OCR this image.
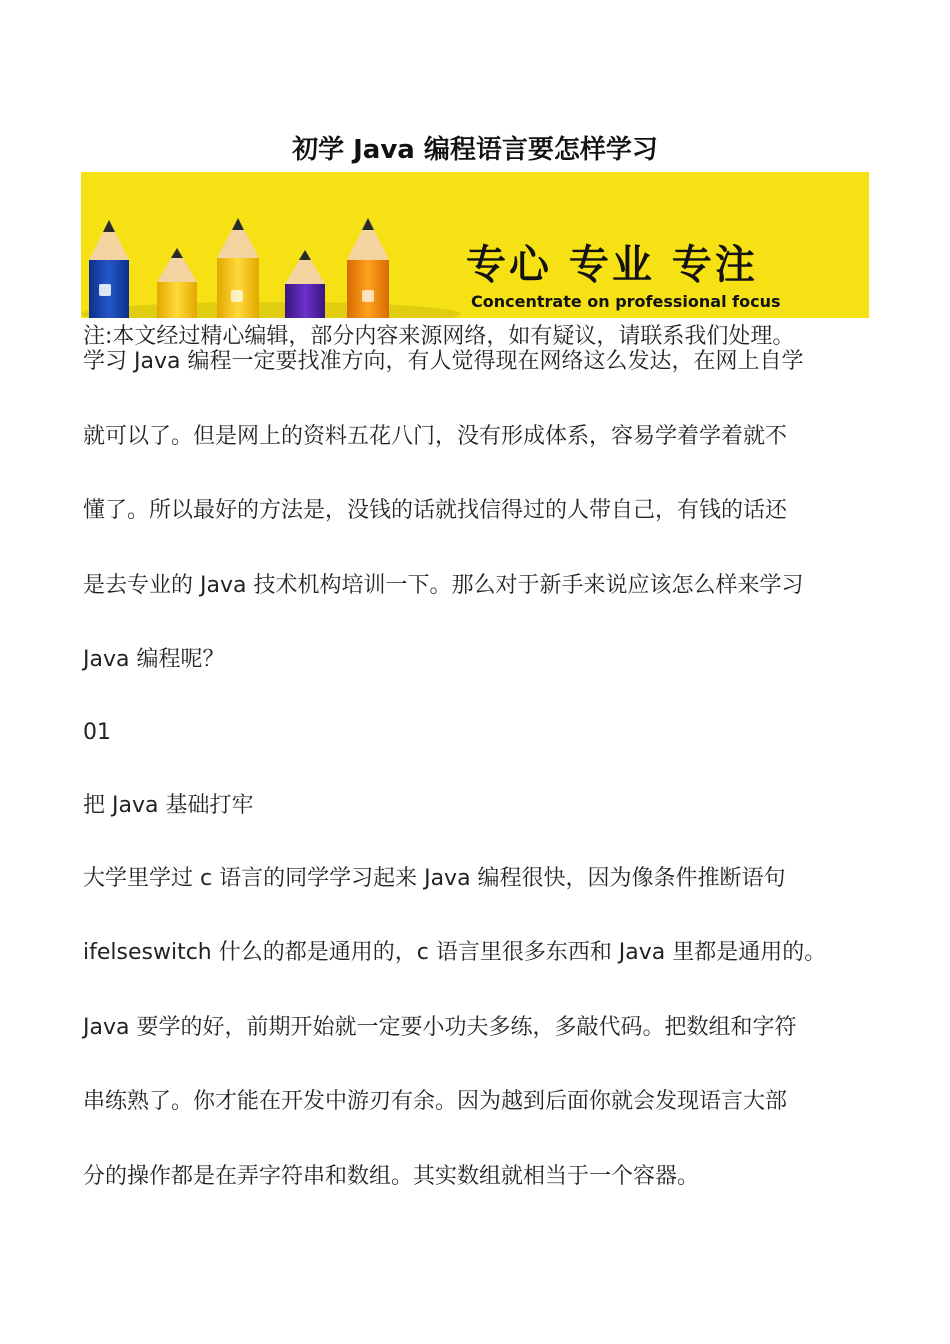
初学 Java 编程语言要怎样学习
专心 专业 专注
Concentrate on professional focus
注:本文经过精心编辑，部分内容来源网络，如有疑议，请联系我们处理。
学习 Java 编程一定要找准方向，有人觉得现在网络这么发达，在网上自学
就可以了。但是网上的资料五花八门，没有形成体系，容易学着学着就不
懂了。所以最好的方法是，没钱的话就找信得过的人带自己，有钱的话还
是去专业的 Java 技术机构培训一下。那么对于新手来说应该怎么样来学习
Java 编程呢？
01
把 Java 基础打牢
大学里学过 c 语言的同学学习起来 Java 编程很快，因为像条件推断语句
ifelseswitch 什么的都是通用的，c 语言里很多东西和 Java 里都是通用的。
Java 要学的好，前期开始就一定要小功夫多练，多敲代码。把数组和字符
串练熟了。你才能在开发中游刃有余。因为越到后面你就会发现语言大部
分的操作都是在弄字符串和数组。其实数组就相当于一个容器。
